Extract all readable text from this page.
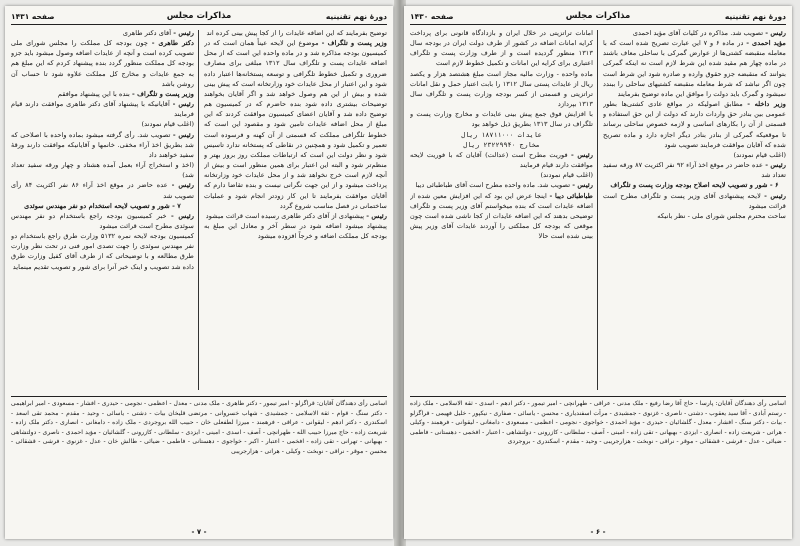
دورهٔ نهم تقنینیه
مذاکرات مجلس
صفحه ۱۴۳۱

توضیح بفرمایند که این اضافه عایدات را از کجا پیش بینی کرده اند

وزیر پست و تلگراف - موضوع این لایحه عیناً همان است که در کمیسیون بودجه مذاکره شد و در ماده واحده این است که از محل اضافه عایدات پست و تلگراف سال ۱۳۱۲ مبلغی برای مصارف ضروری و تکمیل خطوط تلگرافی و توسعه پستخانه‌ها اعتبار داده شود و این اعتبار از محل عایدات خود وزارتخانه است که پیش بینی شده و بیش از این هم وصول خواهد شد و اگر آقایان بخواهند توضیحات بیشتری داده شود بنده حاضرم که در کمیسیون هم توضیح داده شد و آقایان اعضای کمیسیون موافقت کردند که این مبلغ از محل اضافه عایدات تامین شود و مقصود این است که خطوط تلگرافی مملکت که قسمتی از آن کهنه و فرسوده است تعمیر و تکمیل شود و همچنین در نقاطی که پستخانه ندارد تاسیس شود و نظر دولت این است که ارتباطات مملکت روز بروز بهتر و منظم‌تر شود و البته این اعتبار برای همین منظور است و بیش از آنچه لازم است خرج نخواهد شد و از محل عایدات خود وزارتخانه پرداخت میشود و از این جهت نگرانی نیست و بنده تقاضا دارم که آقایان موافقت بفرمایند تا این کار زودتر انجام شود و عملیات ساختمانی در فصل مناسب شروع گردد

رئیس - پیشنهادی از آقای دکتر طاهری رسیده است قرائت میشود

پیشنهاد میشود اضافه شود در سطر آخر و معادل این مبلغ به بودجه کل مملکت اضافه و خرجاً افزوده میشود

رئیس - آقای دکتر طاهری

دکتر طاهری - چون بودجه کل مملکت را مجلس شورای ملی تصویب کرده است و آنچه از عایدات اضافه وصول میشود باید جزو بودجه کل مملکت منظور گردد بنده پیشنهاد کردم که این مبلغ هم به جمع عایدات و مخارج کل مملکت علاوه شود تا حساب آن روشن باشد

وزیر پست و تلگراف - بنده با این پیشنهاد موافقم

رئیس - آقایانیکه با پیشنهاد آقای دکتر طاهری موافقت دارند قیام فرمایند

(اغلب قیام نمودند)

رئیس - تصویب شد. رأی گرفته میشود بماده واحده با اصلاحی که شد بطریق اخذ آراء مخفی. خانمها و آقایانیکه موافقت دارند ورقهٔ سفید خواهند داد

(اخذ و استخراج آراء بعمل آمده هشتاد و چهار ورقه سفید تعداد شد)

رئیس - عده حاضر در موقع اخذ آراء ۸۶ نفر اکثریت ۸۴ رأی تصویب شد

۷ - شور و تصویب لایحه استخدام دو نفر مهندس سوئدی

رئیس - خبر کمیسیون بودجه راجع باستخدام دو نفر مهندس سوئدی مطرح است قرائت میشود

کمیسیون بودجه لایحه نمره ۵۱۳۲ وزارت طرق راجع باستخدام دو نفر مهندس سوئدی را جهت تصدی امور فنی در تحت نظر وزارت طرق مطالعه و با توضیحاتی که از طرف آقای کفیل وزارت طرق داده شد تصویب و اینک خبر آنرا برای شور و تصویب تقدیم مینماید

اسامی رأی دهندگان آقایان: قراگزلو - امیر تیمور - دکتر طاهری - ملک مدنی - معدل - اعظمی - نجومی - حیدری - افشار - مسعودی - امیر ابراهیمی - دکتر سنگ - قوام - ثقة الاسلامی - جمشیدی - شهاب خسروانی - مرتضی قلیخان بیات - دشتی - یاسائی - وحید - مقدم - محمد تقی اسعد - اسکندری - دکتر ادهم - لیقوانی - عراقی - فرهمند - میرزا لطفعلی خان - حبیب الله بروجردی - ملک زاده - دامغانی - انصاری - دکتر ملک زاده - شریعت زاده - حاج میرزا حبیب الله - طهرانچی - آصف - اسدی - امینی - ایزدی - سلطانی - کازرونی - گلشائیان - مؤید احمدی - ناصری - دولتشاهی - بهبهانی - تهرانی - تقی زاده - افخمی - اعتبار - اکبر - خواجوی - دهستانی - فاطمی - ضیائی - طالش خان - عدل - غزنوی - فرشی - قشقائی - محسن - موقر - نراقی - نوبخت - وکیلی - هراتی - هزارجریبی

- ۷ -
دورهٔ نهم تقنینیه
مذاکرات مجلس
صفحه ۱۴۳۰

رئیس - تصویب شد. مذاکره در کلیات آقای مؤید احمدی

مؤید احمدی - در ماده ۶ و ۷ این عبارت تصریح شده است که با معامله منقبضه کشتی‌ها از عوارض گمرکی با ساحلی معاف باشند در ماده چهار هم مقید شده این شرط لازم است نه اینکه گمرکی بتوانند که منقبضه جزو حقوق وارده و صادره شود این شرط است چون اگر نباشد که شرط معامله منقبضه کشتیهای ساحلی را ببندد نمیشود و گمرک باید دولت را موافق این ماده توضیح بفرمایند

وزیر داخله - مطابق اصولیکه در مواقع عادی کشتی‌ها بطور عمومی بین بنادر حق واردات دارند که دولت از این حق استفاده و قسمتی از آن را بکارهای اساسی و لازمه خصوص ساحلی برساند تا موقعیکه گمرکی از بنادر بنادر دیگر اجازه دارد و ماده تصریح شده که آقایان موافقت فرمایند تصویب شود

(اغلب قیام نمودند)

رئیس - عده حاضر در موقع اخذ آراء ۹۲ نفر اکثریت ۸۷ ورقه سفید تعداد شد

۶ - شور و تصویب لایحه اصلاح بودجه وزارت پست و تلگراف

رئیس - لایحه پیشنهادی آقای وزیر پست و تلگراف مطرح است قرائت میشود

ساحت محترم مجلس شورای ملی - نظر بانیکه

امانات تراتزیتی در خلال ایران و بازدادگاه قانونی برای پرداخت کرایه امانات اضافه در کشور از طرف دولت ایران در بودجه سال ۱۳۱۳ منظور گردیده است و از طرف وزارت پست و تلگراف اعتباری برای کرایه این امانات و تکمیل خطوط لازم است

ماده واحده - وزارت مالیه مجاز است مبلغ هشتصد هزار و یکصد ریال از عایدات پستی سال ۱۳۱۲ را بابت اعتبار حمل و نقل امانات تراتزیتی و قسمتی از کسر بودجه وزارت پست و تلگراف سال ۱۳۱۳ بپردازد

با افزایش فوق جمع پیش بینی عایدات و مخارج وزارت پست و تلگراف در سال ۱۳۱۳ بطریق ذیل خواهد بود

عایدات ۱۸۷۱۱۰۰۰ ریال

مخارج ۲۳۲۲۹۹۴۰ ریال

رئیس - فوریت مطرح است (عدالت) آقایان که با فوریت لایحه موافقت دارند قیام فرمایند

(اغلب قیام نمودند)

رئیس - تصویب شد. ماده واحده مطرح است آقای طباطبائی دیبا

طباطبائی دیبا - اینجا عرض این بود که این افزایش معین شده از اضافه عایدات است که بنده میخواستم آقای وزیر پست و تلگراف توضیحی بدهند که این اضافه عایدات از کجا ناشی شده است چون موقعی که بودجه کل مملکتی را آوردند عایدات آقای وزیر پیش بینی شده است حالا

اسامی رأی دهندگان آقایان: پارسا - حاج آقا رضا رفیع - ملک مدنی - عراقی - طهرانچی - امیر تیمور - دکتر ادهم - اسدی - ثقة الاسلامی - ملک زاده - رستم آبادی - آقا سید یعقوب - دشتی - ناصری - غزنوی - جمشیدی - مرآت اسفندیاری - محسن - یاسائی - صفاری - نیکپور - خلیل فهیمی - قراگزلو - بیات - دکتر سنگ - افشار - معدل - گلشائیان - حیدری - مؤید احمدی - خواجوی - نجومی - اعظمی - مسعودی - دامغانی - لیقوانی - فرهمند - وکیلی - هراتی - شریعت زاده - انصاری - ایزدی - بهبهانی - تقی زاده - امینی - آصف - سلطانی - کازرونی - دولتشاهی - اعتبار - افخمی - دهستانی - فاطمی - ضیائی - عدل - فرشی - قشقائی - موقر - نراقی - نوبخت - هزارجریبی - وحید - مقدم - اسکندری - بروجردی

- ۶ -
